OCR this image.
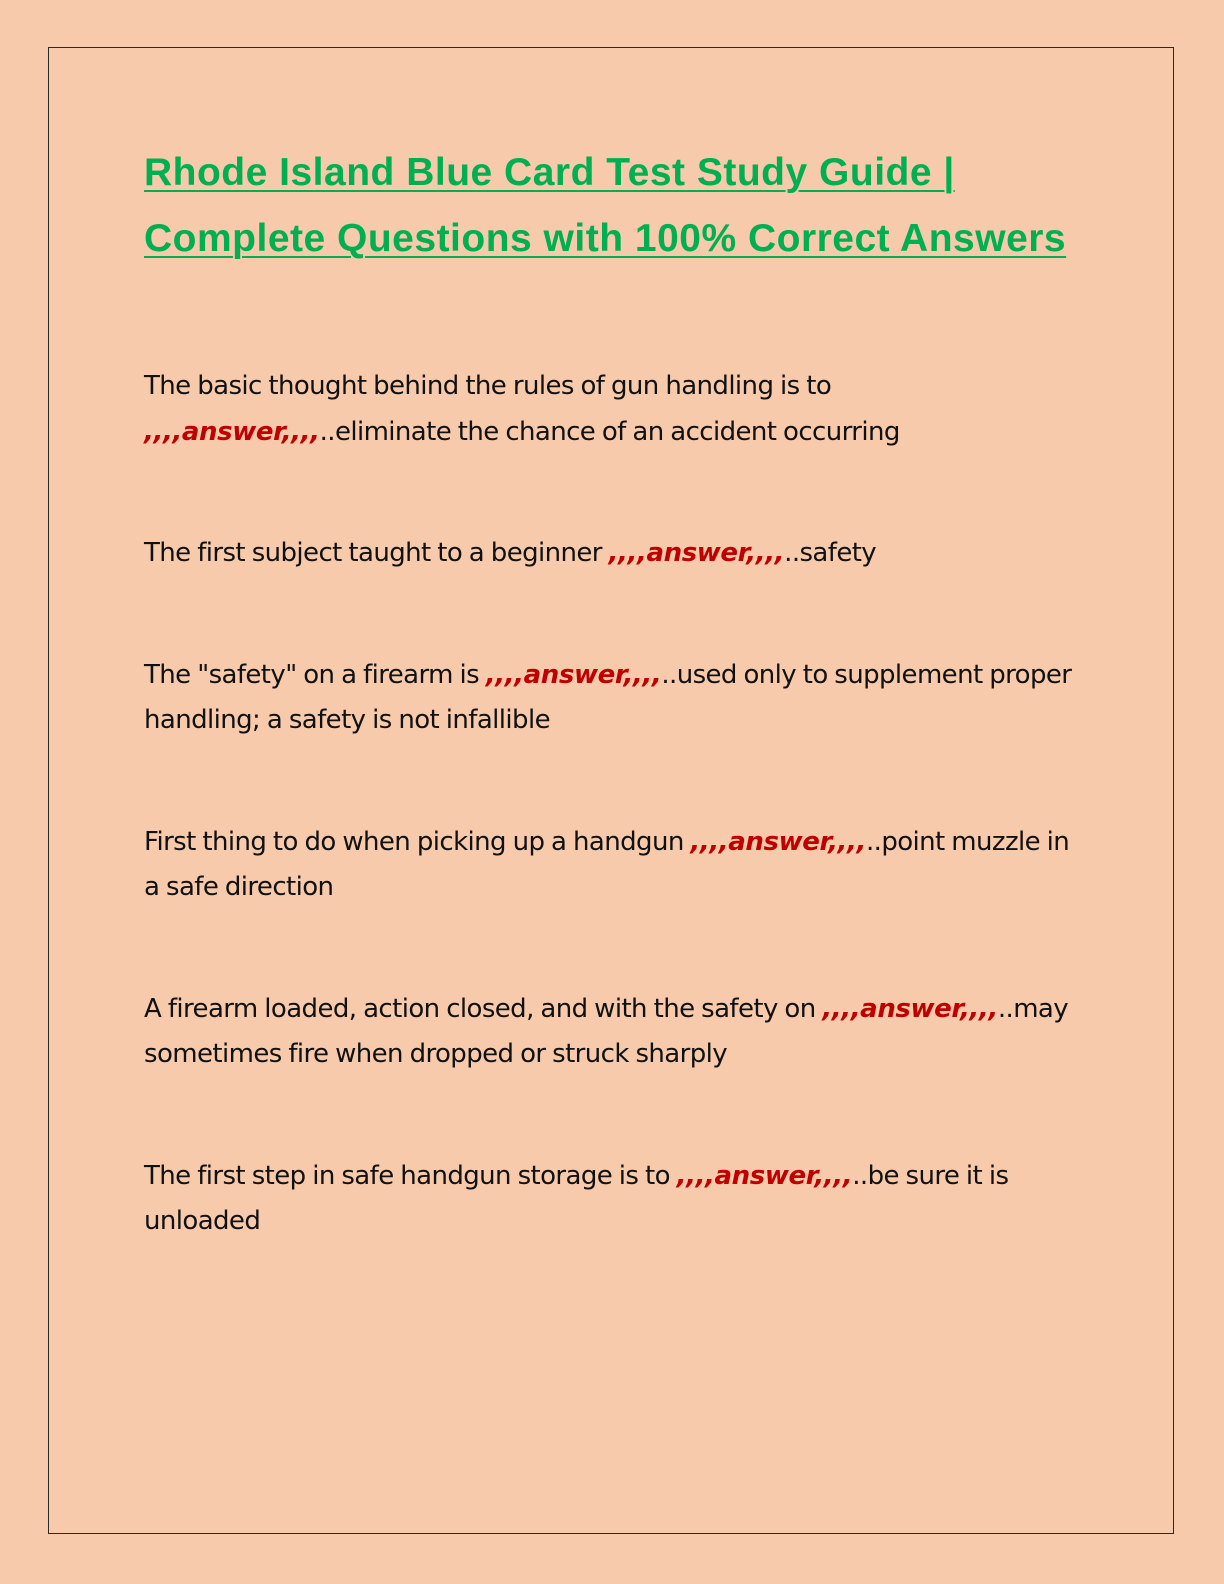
Rhode Island Blue Card Test Study Guide | Complete Questions with 100% Correct Answers

The basic thought behind the rules of gun handling is to ,,,,answer,,,,..eliminate the chance of an accident occurring

The first subject taught to a beginner ,,,,answer,,,,..safety

The "safety" on a firearm is ,,,,answer,,,,..used only to supplement proper handling; a safety is not infallible

First thing to do when picking up a handgun ,,,,answer,,,,..point muzzle in a safe direction

A firearm loaded, action closed, and with the safety on ,,,,answer,,,,..may sometimes fire when dropped or struck sharply

The first step in safe handgun storage is to ,,,,answer,,,,..be sure it is unloaded
